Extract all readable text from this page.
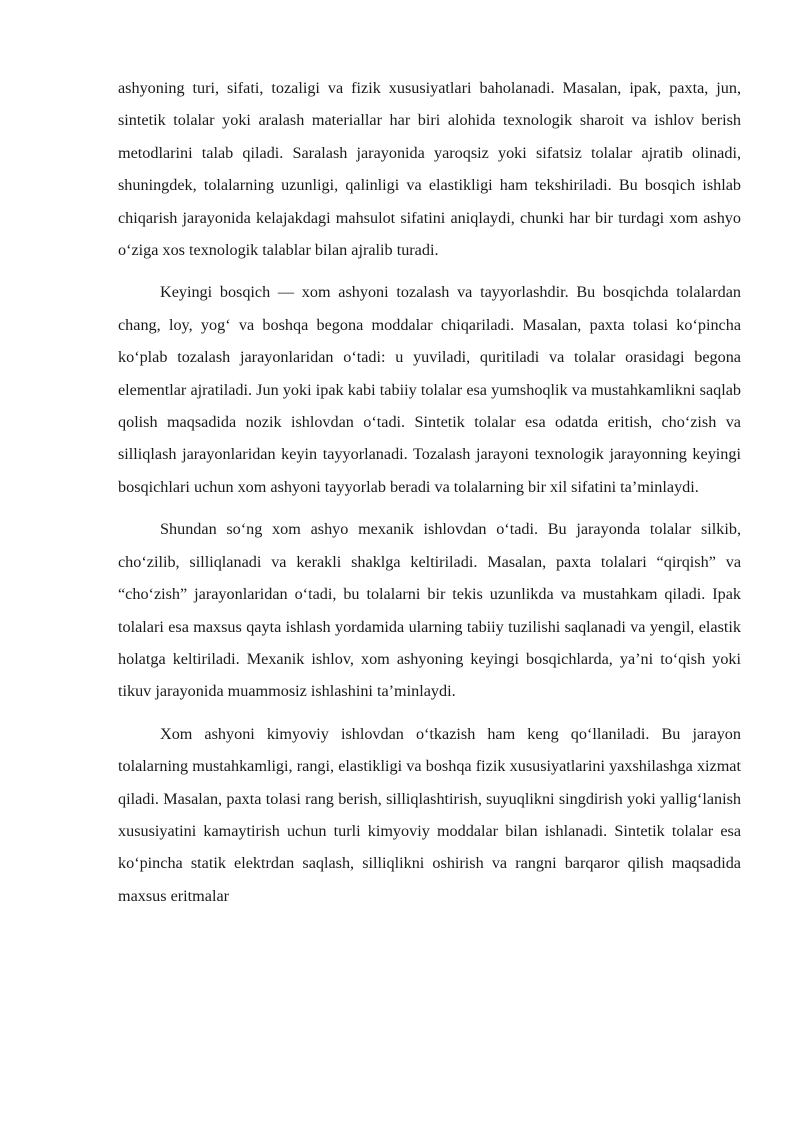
ashyoning turi, sifati, tozaligi va fizik xususiyatlari baholanadi. Masalan, ipak, paxta, jun, sintetik tolalar yoki aralash materiallar har biri alohida texnologik sharoit va ishlov berish metodlarini talab qiladi. Saralash jarayonida yaroqsiz yoki sifatsiz tolalar ajratib olinadi, shuningdek, tolalarning uzunligi, qalinligi va elastikligi ham tekshiriladi. Bu bosqich ishlab chiqarish jarayonida kelajakdagi mahsulot sifatini aniqlaydi, chunki har bir turdagi xom ashyo o‘ziga xos texnologik talablar bilan ajralib turadi.

Keyingi bosqich — xom ashyoni tozalash va tayyorlashdir. Bu bosqichda tolalardan chang, loy, yog‘ va boshqa begona moddalar chiqariladi. Masalan, paxta tolasi ko‘pincha ko‘plab tozalash jarayonlaridan o‘tadi: u yuviladi, quritiladi va tolalar orasidagi begona elementlar ajratiladi. Jun yoki ipak kabi tabiiy tolalar esa yumshoqlik va mustahkamlikni saqlab qolish maqsadida nozik ishlovdan o‘tadi. Sintetik tolalar esa odatda eritish, cho‘zish va silliqlash jarayonlaridan keyin tayyorlanadi. Tozalash jarayoni texnologik jarayonning keyingi bosqichlari uchun xom ashyoni tayyorlab beradi va tolalarning bir xil sifatini ta’minlaydi.

Shundan so‘ng xom ashyo mexanik ishlovdan o‘tadi. Bu jarayonda tolalar silkib, cho‘zilib, silliqlanadi va kerakli shaklga keltiriladi. Masalan, paxta tolalari “qirqish” va “cho‘zish” jarayonlaridan o‘tadi, bu tolalarni bir tekis uzunlikda va mustahkam qiladi. Ipak tolalari esa maxsus qayta ishlash yordamida ularning tabiiy tuzilishi saqlanadi va yengil, elastik holatga keltiriladi. Mexanik ishlov, xom ashyoning keyingi bosqichlarda, ya’ni to‘qish yoki tikuv jarayonida muammosiz ishlashini ta’minlaydi.

Xom ashyoni kimyoviy ishlovdan o‘tkazish ham keng qo‘llaniladi. Bu jarayon tolalarning mustahkamligi, rangi, elastikligi va boshqa fizik xususiyatlarini yaxshilashga xizmat qiladi. Masalan, paxta tolasi rang berish, silliqlashtirish, suyuqlikni singdirish yoki yallig‘lanish xususiyatini kamaytirish uchun turli kimyoviy moddalar bilan ishlanadi. Sintetik tolalar esa ko‘pincha statik elektrdan saqlash, silliqlikni oshirish va rangni barqaror qilish maqsadida maxsus eritmalar
